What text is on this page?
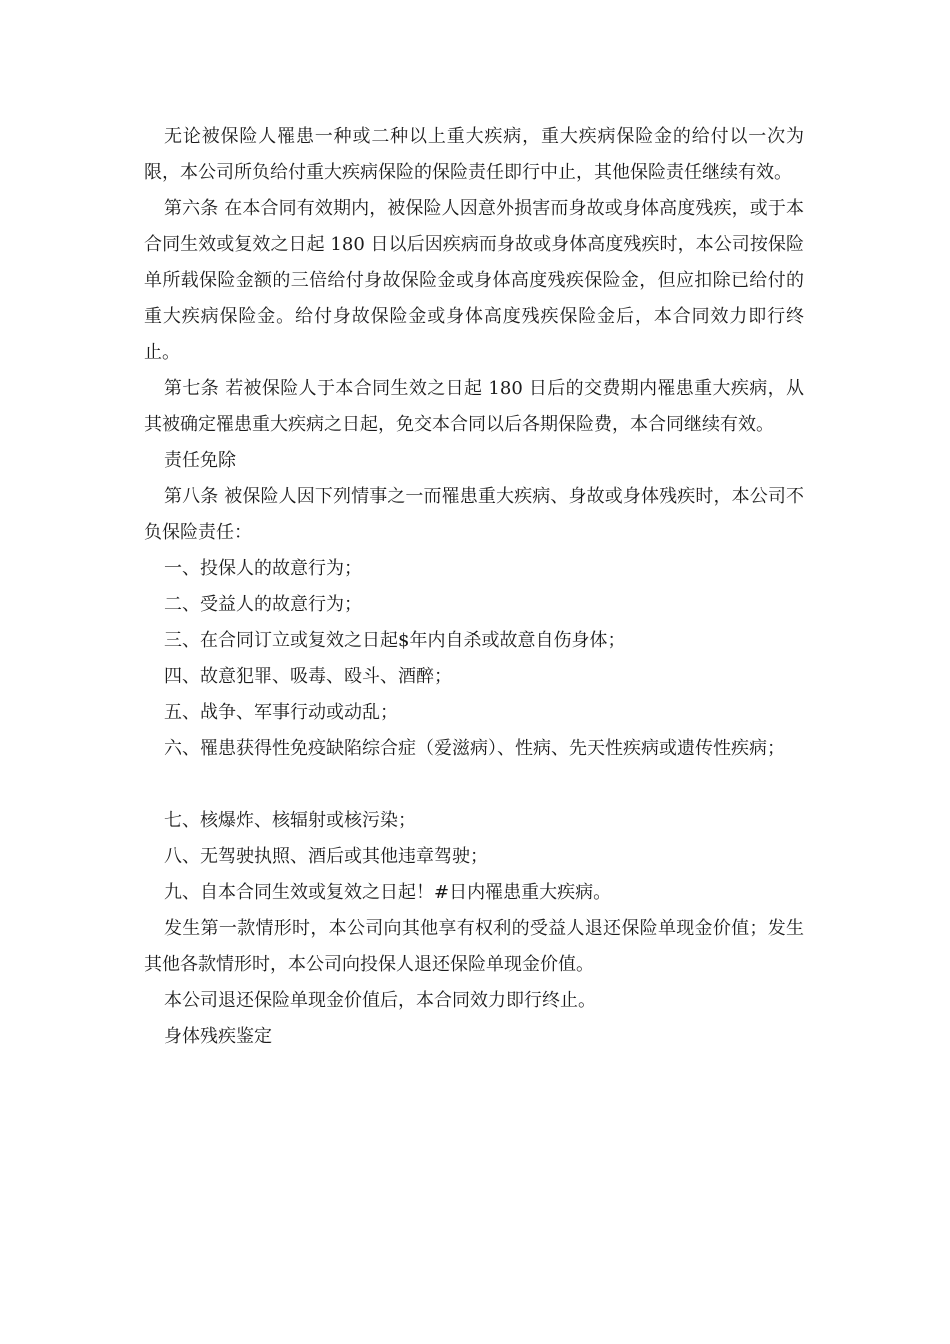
无论被保险人罹患一种或二种以上重大疾病，重大疾病保险金的给付以一次为限，本公司所负给付重大疾病保险的保险责任即行中止，其他保险责任继续有效。

第六条 在本合同有效期内，被保险人因意外损害而身故或身体高度残疾，或于本合同生效或复效之日起 180 日以后因疾病而身故或身体高度残疾时，本公司按保险单所载保险金额的三倍给付身故保险金或身体高度残疾保险金，但应扣除已给付的重大疾病保险金。给付身故保险金或身体高度残疾保险金后，本合同效力即行终止。

第七条 若被保险人于本合同生效之日起 180 日后的交费期内罹患重大疾病，从其被确定罹患重大疾病之日起，免交本合同以后各期保险费，本合同继续有效。

责任免除

第八条 被保险人因下列情事之一而罹患重大疾病、身故或身体残疾时，本公司不负保险责任：

一、投保人的故意行为；

二、受益人的故意行为；

三、在合同订立或复效之日起$年内自杀或故意自伤身体；

四、故意犯罪、吸毒、殴斗、酒醉；

五、战争、军事行动或动乱；

六、罹患获得性免疫缺陷综合症（爱滋病）、性病、先天性疾病或遗传性疾病；

七、核爆炸、核辐射或核污染；

八、无驾驶执照、酒后或其他违章驾驶；

九、自本合同生效或复效之日起！#日内罹患重大疾病。

发生第一款情形时，本公司向其他享有权利的受益人退还保险单现金价值；发生其他各款情形时，本公司向投保人退还保险单现金价值。

本公司退还保险单现金价值后，本合同效力即行终止。

身体残疾鉴定
